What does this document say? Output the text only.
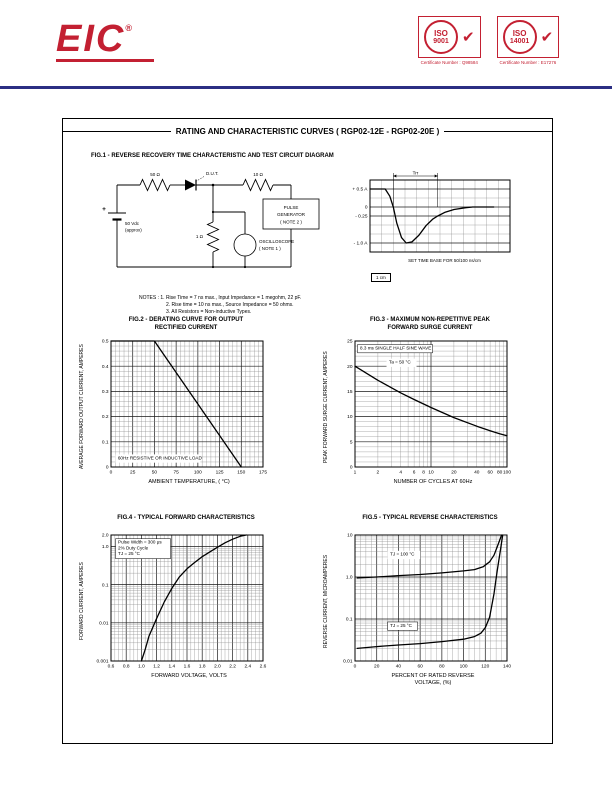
EIC®	ISO
9001 ✔
Certificate Number : Q98584
ISO
14001 ✔
Certificate Number : E17276
RATING AND CHARACTERISTIC CURVES ( RGP02-12E - RGP02-20E )
FIG.1 - REVERSE RECOVERY TIME CHARACTERISTIC AND TEST CIRCUIT DIAGRAM
50 Ω	10 Ω
D.U.T.
+
50 Vdc
(approx)
PULSE
GENERATOR
( NOTE 2 )
1 Ω
OSCILLOSCOPE
( NOTE 1 )
+ 0.5 A
0
- 0.25
- 1.0 A
Trr
SET TIME BASE FOR 50/100 ns/cm
1 cm
NOTES : 1. Rise Time = 7 ns max., Input Impedance = 1 megohm, 22 pF.
2. Rise time = 10 ns max., Source Impedance = 50 ohms.
3. All Resistors = Non-inductive Types.
FIG.2 - DERATING CURVE FOR OUTPUT
RECTIFIED CURRENT
AVERAGE FORWARD OUTPUT CURRENT, AMPERES
0	25	50	75	100	125	150	175
0
0.1
0.2
0.3
0.4
0.5
60Hz RESISTIVE OR INDUCTIVE LOAD
AMBIENT TEMPERATURE, ( °C)
FIG.3 - MAXIMUM NON-REPETITIVE PEAK
FORWARD SURGE CURRENT
PEAK FORWARD SURGE CURRENT, AMPERES
1	2	4 6 8 10	20	40 60 80 100
0
5
10
15
20
25
8.3 ms SINGLE HALF SINE WAVE
Ta = 50 °C
NUMBER OF CYCLES AT 60Hz
FIG.4 - TYPICAL FORWARD CHARACTERISTICS
FORWARD CURRENT, AMPERES
0.6 0.8 1.0 1.2 1.4 1.6 1.8 2.0 2.2 2.4 2.6
2.0
1.0
0.1
0.01
0.001
Pulse Width = 300 μs
2% Duty Cycle
TJ = 25 °C
FORWARD VOLTAGE, VOLTS
FIG.5 - TYPICAL REVERSE CHARACTERISTICS
REVERSE CURRENT, MICROAMPERES
0	20	40	60	80	100	120	140
10
1.0
0.1
0.01
TJ = 100 °C
TJ = 25 °C
PERCENT OF RATED REVERSE
VOLTAGE, (%)
